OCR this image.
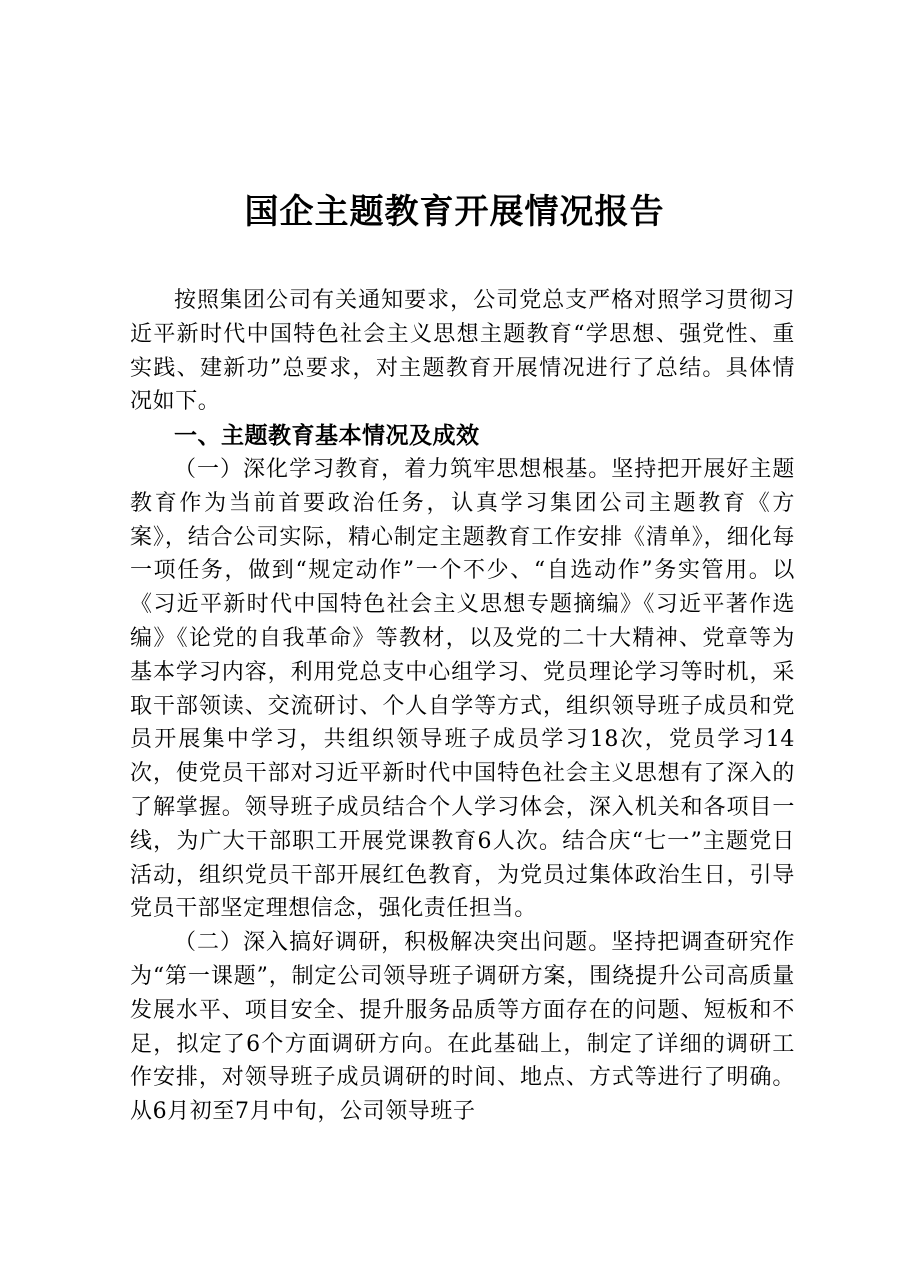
国企主题教育开展情况报告

按照集团公司有关通知要求，公司党总支严格对照学习贯彻习近平新时代中国特色社会主义思想主题教育“学思想、强党性、重实践、建新功”总要求，对主题教育开展情况进行了总结。具体情况如下。

一、主题教育基本情况及成效

（一）深化学习教育，着力筑牢思想根基。坚持把开展好主题教育作为当前首要政治任务，认真学习集团公司主题教育《方案》，结合公司实际，精心制定主题教育工作安排《清单》，细化每一项任务，做到“规定动作”一个不少、“自选动作”务实管用。以《习近平新时代中国特色社会主义思想专题摘编》《习近平著作选编》《论党的自我革命》等教材，以及党的二十大精神、党章等为基本学习内容，利用党总支中心组学习、党员理论学习等时机，采取干部领读、交流研讨、个人自学等方式，组织领导班子成员和党员开展集中学习，共组织领导班子成员学习18次，党员学习14次，使党员干部对习近平新时代中国特色社会主义思想有了深入的了解掌握。领导班子成员结合个人学习体会，深入机关和各项目一线，为广大干部职工开展党课教育6人次。结合庆“七一”主题党日活动，组织党员干部开展红色教育，为党员过集体政治生日，引导党员干部坚定理想信念，强化责任担当。

（二）深入搞好调研，积极解决突出问题。坚持把调查研究作为“第一课题”，制定公司领导班子调研方案，围绕提升公司高质量发展水平、项目安全、提升服务品质等方面存在的问题、短板和不足，拟定了6个方面调研方向。在此基础上，制定了详细的调研工作安排，对领导班子成员调研的时间、地点、方式等进行了明确。从6月初至7月中旬，公司领导班子
